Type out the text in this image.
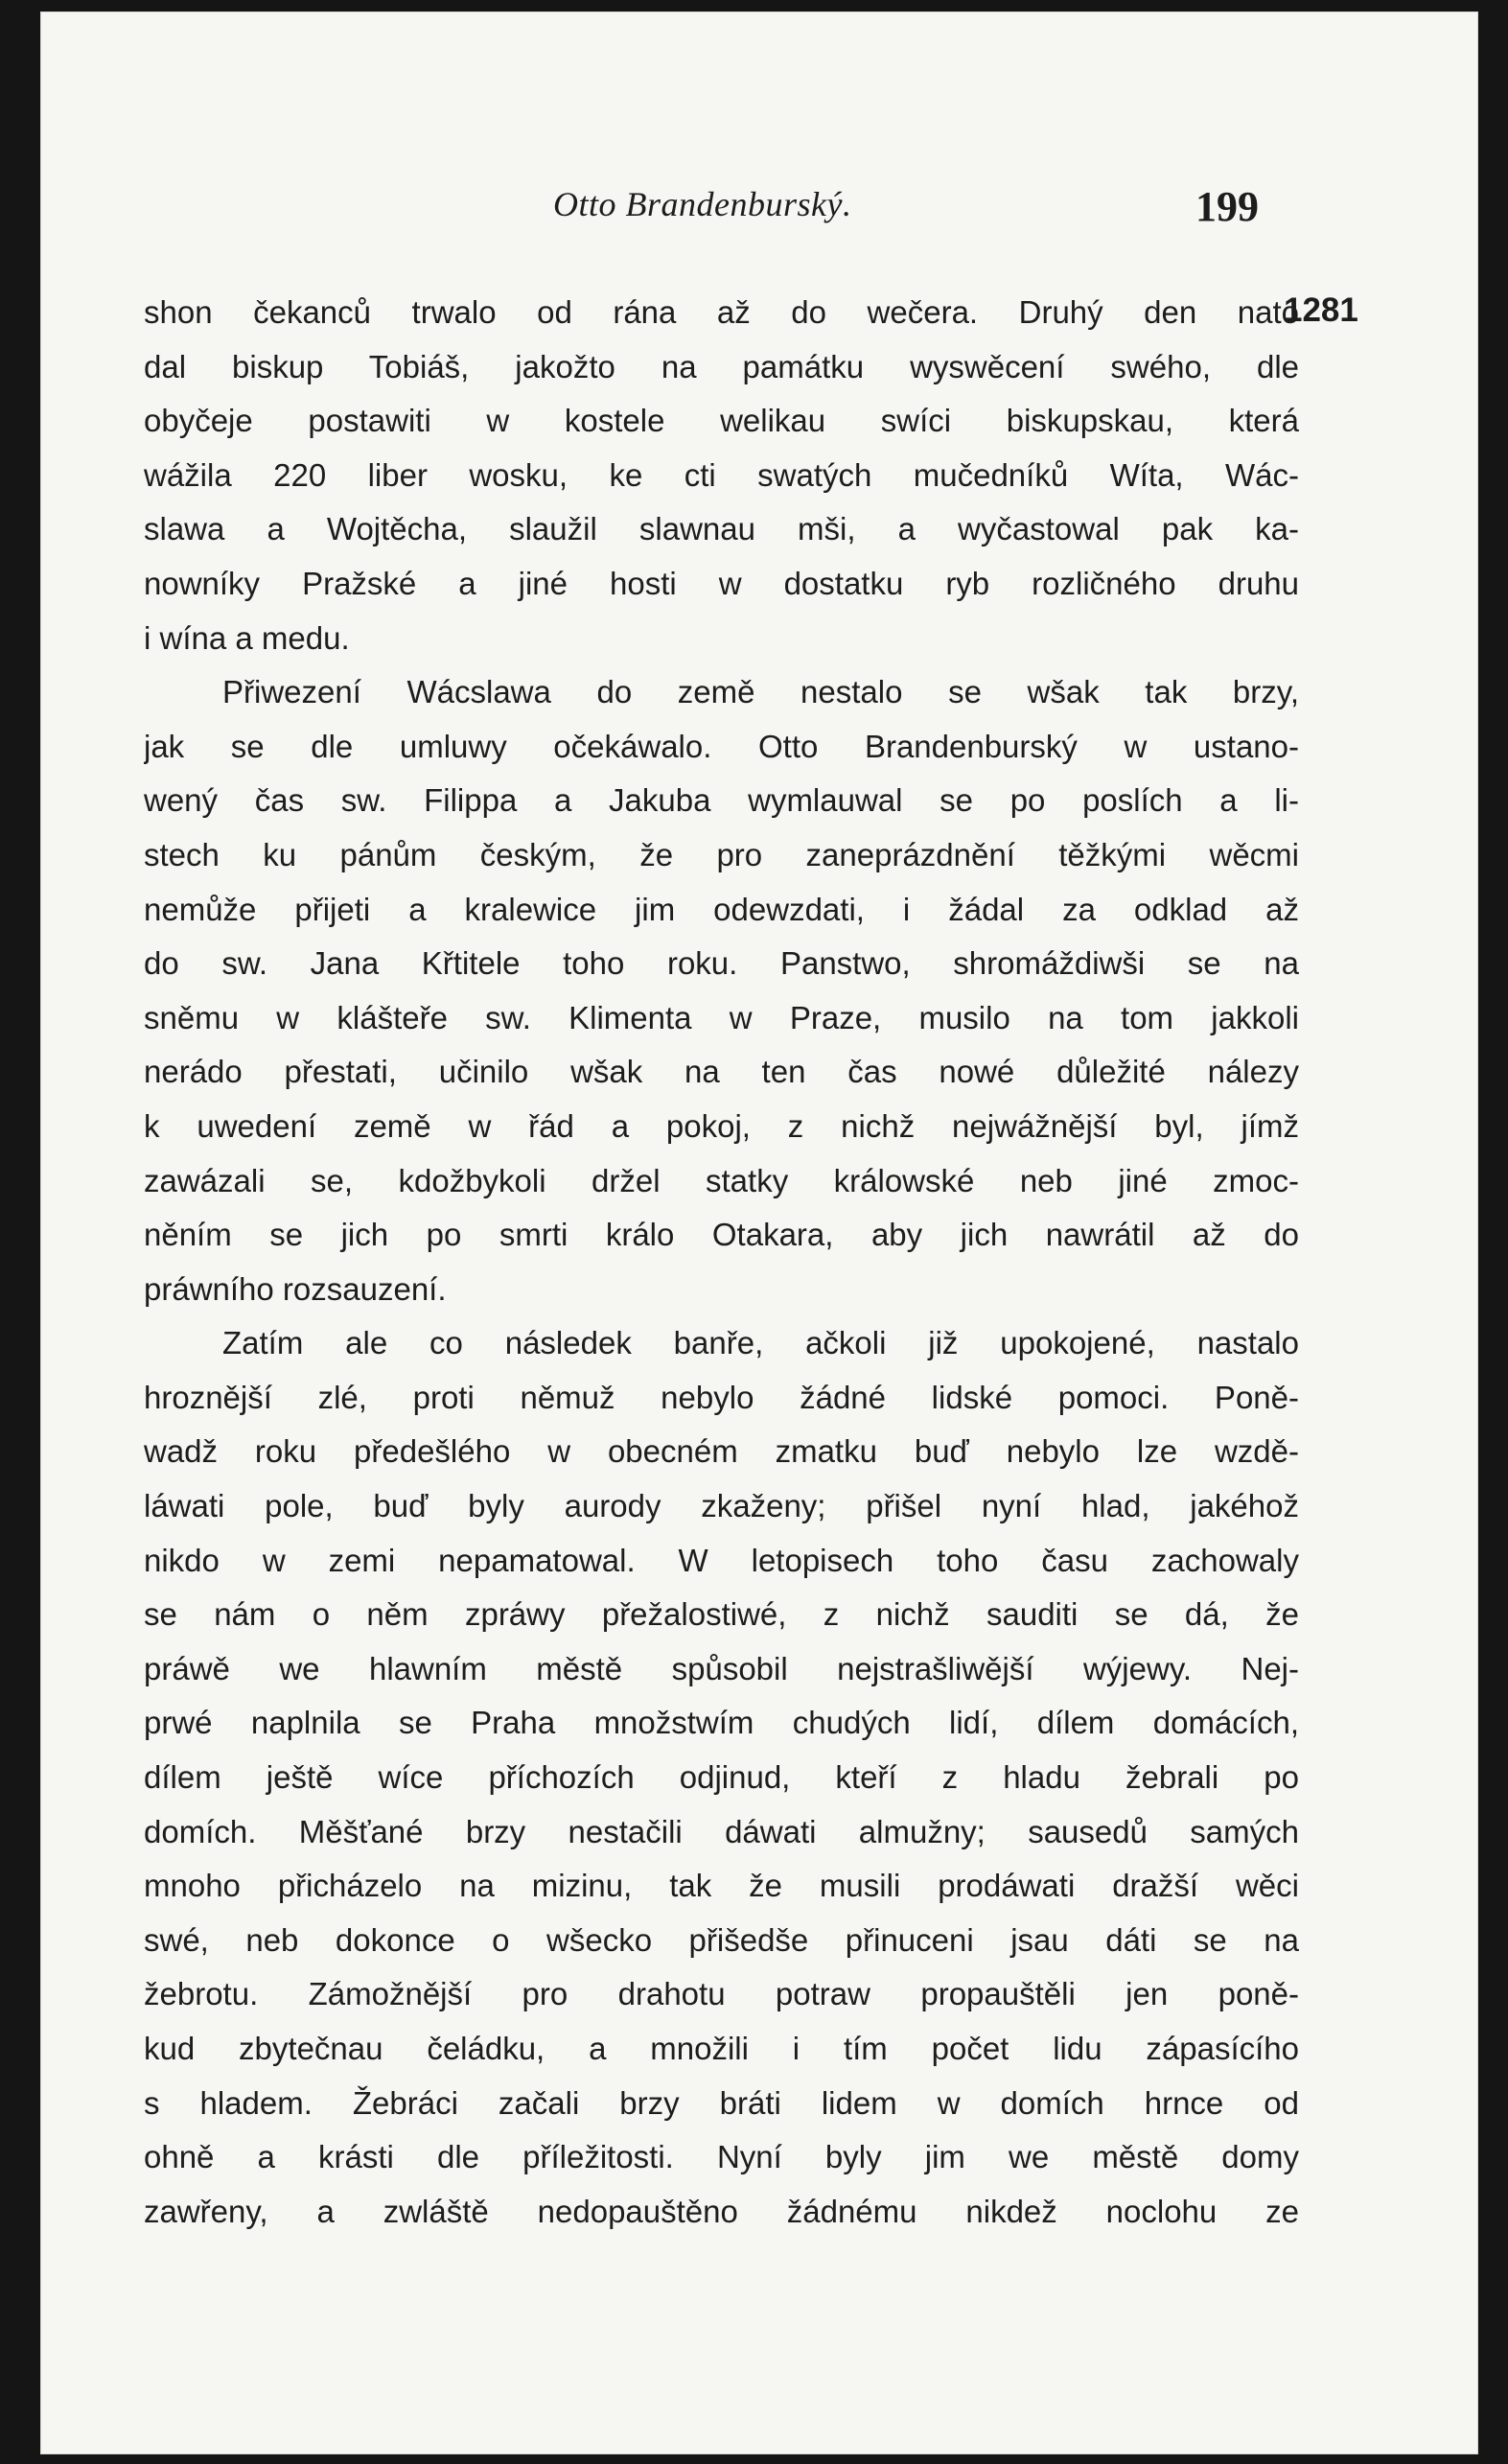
Otto Brandenburský.	199
1281
shon čekanců trwalo od rána až do wečera. Druhý den nato
dal biskup Tobiáš, jakožto na památku wyswěcení swého, dle
obyčeje postawiti w kostele welikau swíci biskupskau, která
wážila 220 liber wosku, ke cti swatých mučedníků Wíta, Wác-
slawa a Wojtěcha, slaužil slawnau mši, a wyčastowal pak ka-
nowníky Pražské a jiné hosti w dostatku ryb rozličného druhu
i wína a medu.
Přiwezení Wácslawa do země nestalo se wšak tak brzy,
jak se dle umluwy očekáwalo. Otto Brandenburský w ustano-
wený čas sw. Filippa a Jakuba wymlauwal se po poslích a li-
stech ku pánům českým, že pro zaneprázdnění těžkými wěcmi
nemůže přijeti a kralewice jim odewzdati, i žádal za odklad až
do sw. Jana Křtitele toho roku. Panstwo, shromáždiwši se na
sněmu w klášteře sw. Klimenta w Praze, musilo na tom jakkoli
nerádo přestati, učinilo wšak na ten čas nowé důležité nálezy
k uwedení země w řád a pokoj, z nichž nejwážnější byl, jímž
zawázali se, kdožbykoli držel statky králowské neb jiné zmoc-
něním se jich po smrti králo Otakara, aby jich nawrátil až do
práwního rozsauzení.
Zatím ale co následek banře, ačkoli již upokojené, nastalo
hroznější zlé, proti němuž nebylo žádné lidské pomoci. Poně-
wadž roku předešlého w obecném zmatku buď nebylo lze wzdě-
láwati pole, buď byly aurody zkaženy; přišel nyní hlad, jakéhož
nikdo w zemi nepamatowal. W letopisech toho času zachowaly
se nám o něm zpráwy přežalostiwé, z nichž sauditi se dá, že
práwě we hlawním městě spůsobil nejstrašliwější wýjewy. Nej-
prwé naplnila se Praha množstwím chudých lidí, dílem domácích,
dílem ještě wíce příchozích odjinud, kteří z hladu žebrali po
domích. Měšťané brzy nestačili dáwati almužny; sausedů samých
mnoho přicházelo na mizinu, tak že musili prodáwati dražší wěci
swé, neb dokonce o wšecko přišedše přinuceni jsau dáti se na
žebrotu. Zámožnější pro drahotu potraw propauštěli jen poně-
kud zbytečnau čeládku, a množili i tím počet lidu zápasícího
s hladem. Žebráci začali brzy bráti lidem w domích hrnce od
ohně a krásti dle příležitosti. Nyní byly jim we městě domy
zawřeny, a zwláště nedopauštěno žádnému nikdež noclohu ze
